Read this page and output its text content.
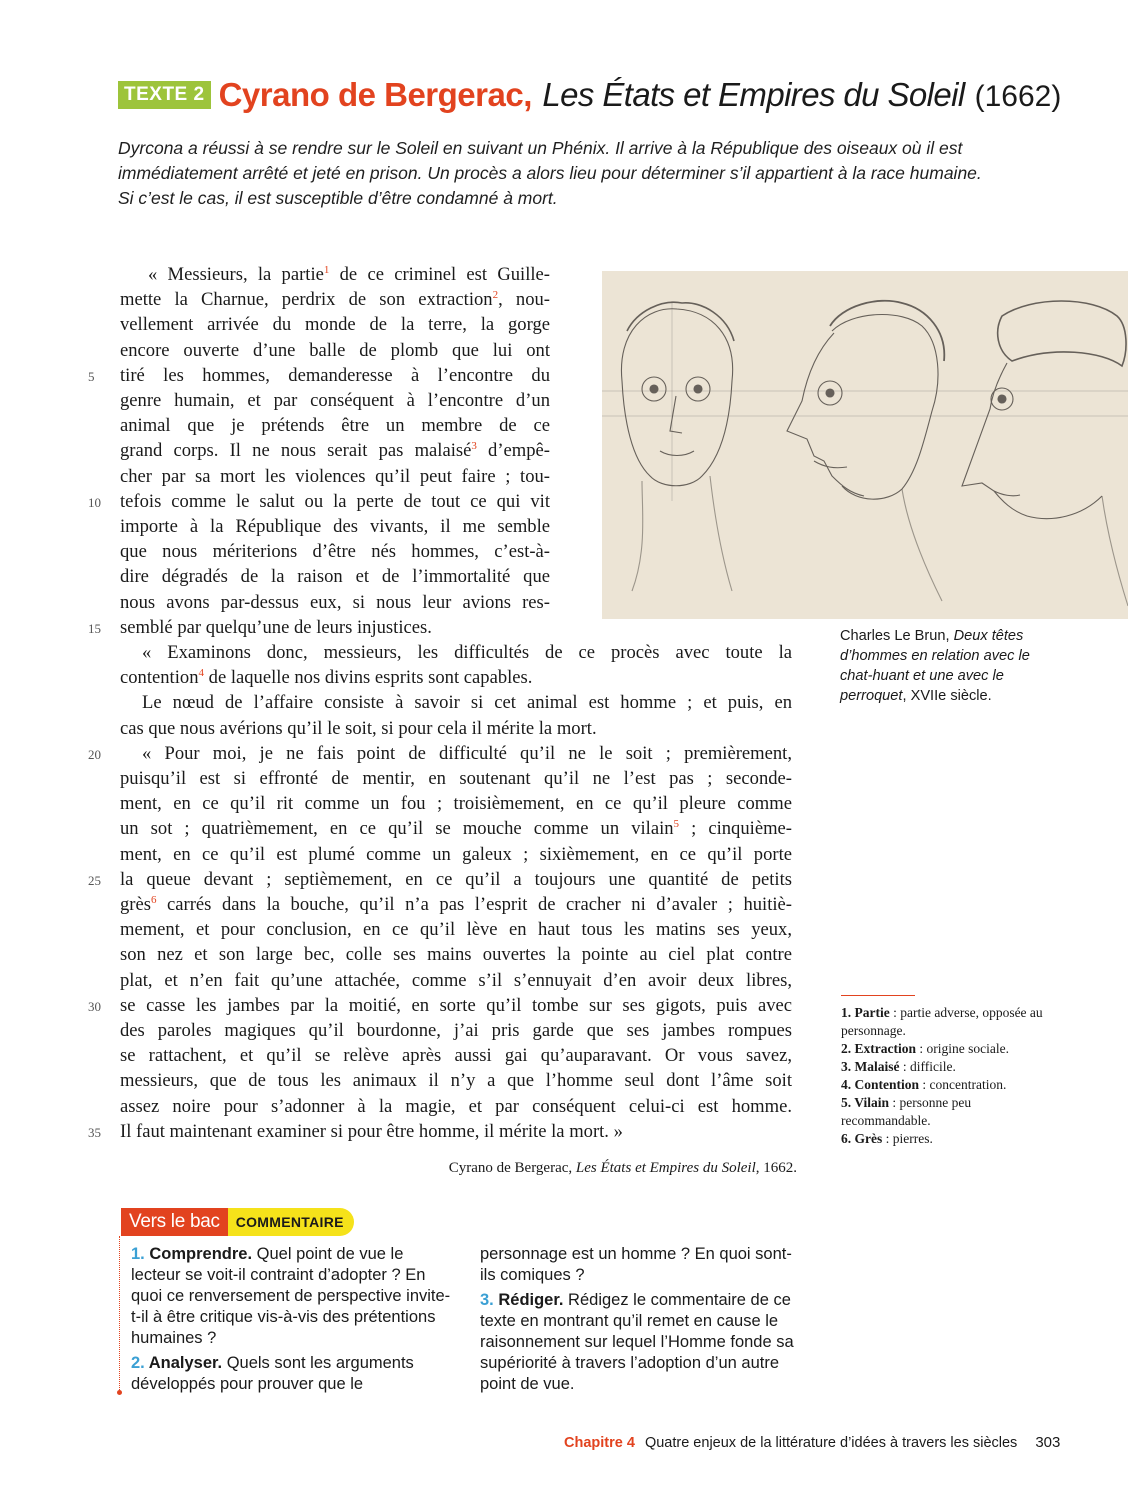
TEXTE 2 Cyrano de Bergerac , Les États et Empires du Soleil (1662)
Dyrcona a réussi à se rendre sur le Soleil en suivant un Phénix. Il arrive à la République des oiseaux où il est immédiatement arrêté et jeté en prison. Un procès a alors lieu pour déterminer s’il appartient à la race humaine. Si c’est le cas, il est susceptible d’être condamné à mort.
« Messieurs, la partie$^1$ de ce criminel est Guille-
mette la Charnue, perdrix de son extraction$^2$, nou-
vellement arrivée du monde de la terre, la gorge
encore ouverte d’une balle de plomb que lui ont
tiré les hommes, demanderesse à l’encontre du
genre humain, et par conséquent à l’encontre d’un
animal que je prétends être un membre de ce
grand corps. Il ne nous serait pas malaisé$^3$ d’empê-
cher par sa mort les violences qu’il peut faire ; tou-
tefois comme le salut ou la perte de tout ce qui vit
importe à la République des vivants, il me semble
que nous mériterions d’être nés hommes, c’est-à-
dire dégradés de la raison et de l’immortalité que
nous avons par-dessus eux, si nous leur avions res-
semblé par quelqu’une de leurs injustices.
« Examinons donc, messieurs, les difficultés de ce procès avec toute la
contention$^4$ de laquelle nos divins esprits sont capables.
Le nœud de l’affaire consiste à savoir si cet animal est homme ; et puis, en
cas que nous avérions qu’il le soit, si pour cela il mérite la mort.
« Pour moi, je ne fais point de difficulté qu’il ne le soit ; premièrement,
puisqu’il est si effronté de mentir, en soutenant qu’il ne l’est pas ; seconde-
ment, en ce qu’il rit comme un fou ; troisièmement, en ce qu’il pleure comme
un sot ; quatrièmement, en ce qu’il se mouche comme un vilain$^5$ ; cinquième-
ment, en ce qu’il est plumé comme un galeux ; sixièmement, en ce qu’il porte
la queue devant ; septièmement, en ce qu’il a toujours une quantité de petits
grès$^6$ carrés dans la bouche, qu’il n’a pas l’esprit de cracher ni d’avaler ; huitiè-
mement, et pour conclusion, en ce qu’il lève en haut tous les matins ses yeux,
son nez et son large bec, colle ses mains ouvertes la pointe au ciel plat contre
plat, et n’en fait qu’une attachée, comme s’il s’ennuyait d’en avoir deux libres,
se casse les jambes par la moitié, en sorte qu’il tombe sur ses gigots, puis avec
des paroles magiques qu’il bourdonne, j’ai pris garde que ses jambes rompues
se rattachent, et qu’il se relève après aussi gai qu’auparavant. Or vous savez,
messieurs, que de tous les animaux il n’y a que l’homme seul dont l’âme soit
assez noire pour s’adonner à la magie, et par conséquent celui-ci est homme.
Il faut maintenant examiner si pour être homme, il mérite la mort. »
5
10
15
20
25
30
35
Charles Le Brun, Deux têtes d’hommes en relation avec le chat-huant et une avec le perroquet, XVIIe siècle.
1. Partie : partie adverse, opposée au personnage.
2. Extraction : origine sociale.
3. Malaisé : difficile.
4. Contention : concentration.
5. Vilain : personne peu recommandable.
6. Grès : pierres.
Cyrano de Bergerac, Les États et Empires du Soleil, 1662.
Vers le bac	COMMENTAIRE
1. Comprendre. Quel point de vue le lecteur se voit-il contraint d’adopter ? En quoi ce renversement de perspective invite-t-il à être critique vis-à-vis des prétentions humaines ?
2. Analyser. Quels sont les arguments développés pour prouver que le
personnage est un homme ? En quoi sont-ils comiques ?
3. Rédiger. Rédigez le commentaire de ce texte en montrant qu’il remet en cause le raisonnement sur lequel l’Homme fonde sa supériorité à travers l’adoption d’un autre point de vue.
Chapitre 4 Quatre enjeux de la littérature d’idées à travers les siècles 303
